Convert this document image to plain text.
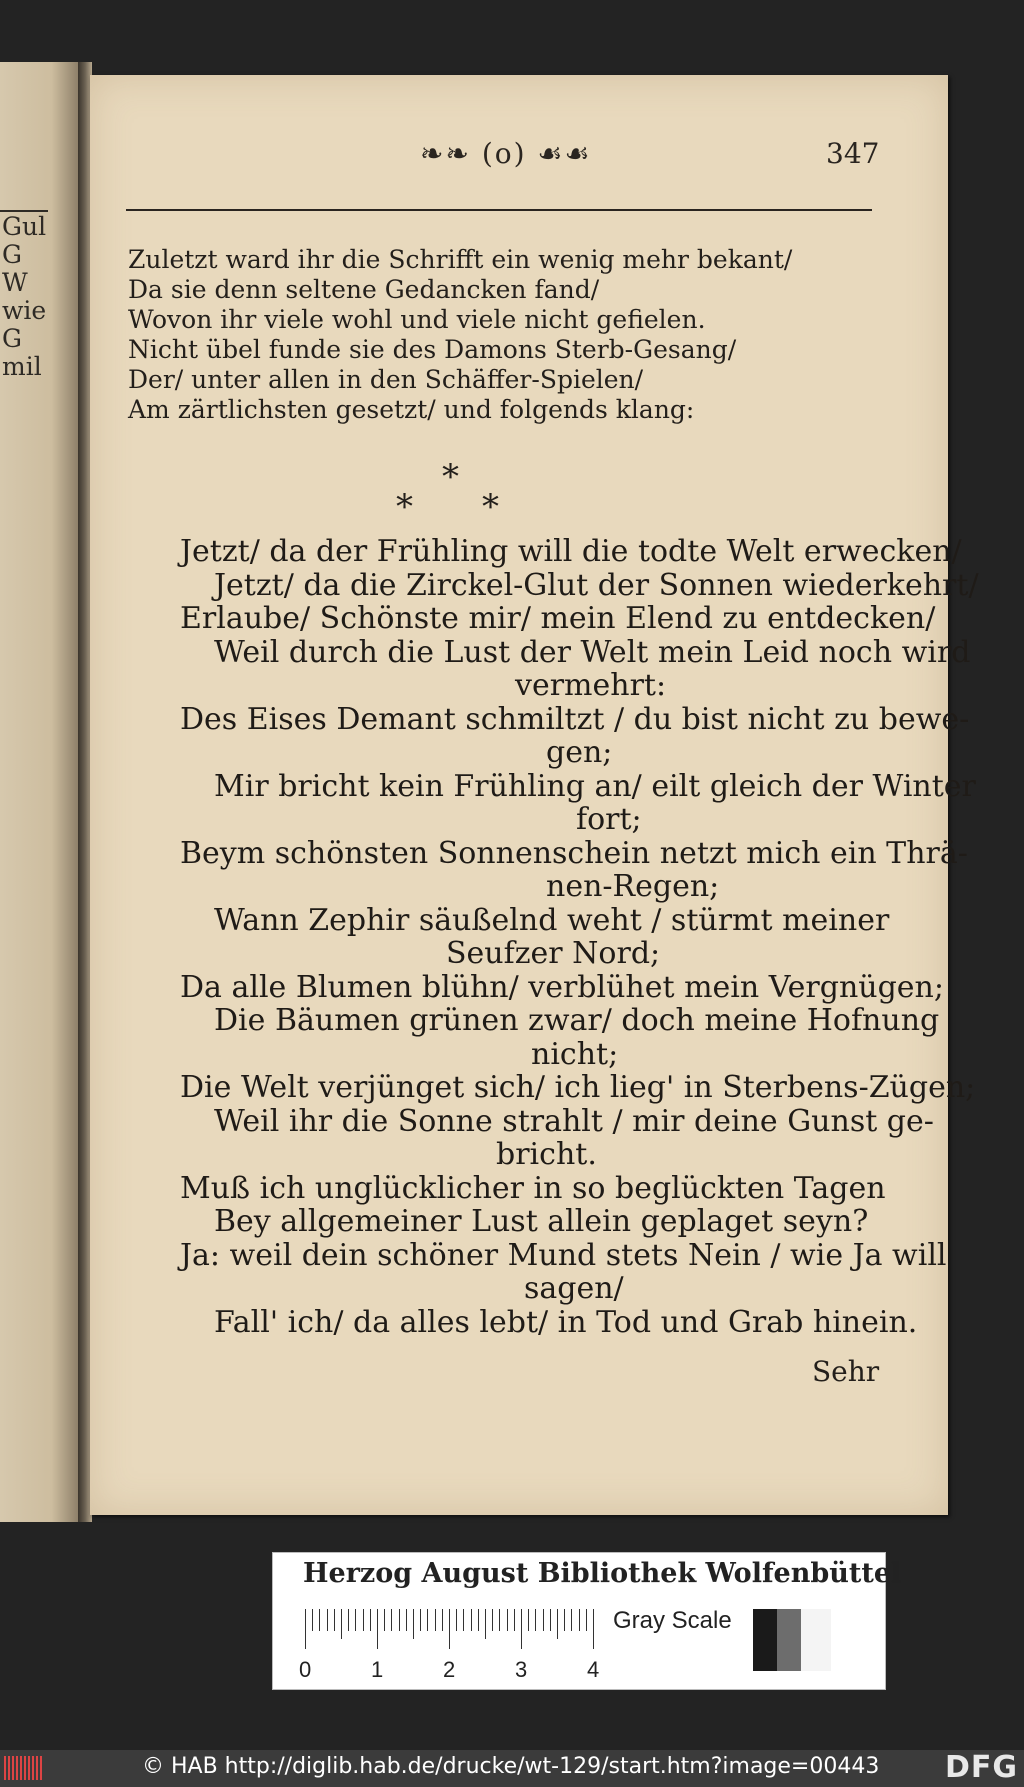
Gul
G
W
wie
G
mil
❧❧ (o) ☙☙	347
Zuletzt ward ihr die Schrifft ein wenig mehr bekant/
Da sie denn seltene Gedancken fand/
Wovon ihr viele wohl und viele nicht gefielen.
Nicht übel funde sie des Damons Sterb-Gesang/
Der/ unter allen in den Schäffer-Spielen/
Am zärtlichsten gesetzt/ und folgends klang:
*
* *
Jetzt/ da der Frühling will die todte Welt erwecken/
Jetzt/ da die Zirckel-Glut der Sonnen wiederkehrt/
Erlaube/ Schönste mir/ mein Elend zu entdecken/
Weil durch die Lust der Welt mein Leid noch wird
vermehrt:
Des Eises Demant schmiltzt / du bist nicht zu bewe-
gen;
Mir bricht kein Frühling an/ eilt gleich der Winter
fort;
Beym schönsten Sonnenschein netzt mich ein Thrä-
nen-Regen;
Wann Zephir säußelnd weht / stürmt meiner
Seufzer Nord;
Da alle Blumen blühn/ verblühet mein Vergnügen;
Die Bäumen grünen zwar/ doch meine Hofnung
nicht;
Die Welt verjünget sich/ ich lieg' in Sterbens-Zügen;
Weil ihr die Sonne strahlt / mir deine Gunst ge-
bricht.
Muß ich unglücklicher in so beglückten Tagen
Bey allgemeiner Lust allein geplaget seyn?
Ja: weil dein schöner Mund stets Nein / wie Ja will
sagen/
Fall' ich/ da alles lebt/ in Tod und Grab hinein.
Sehr
Herzog August Bibliothek Wolfenbüttel
0	1	2	3	4
Gray Scale
© HAB http://diglib.hab.de/drucke/wt-129/start.htm?image=00443 DFG
